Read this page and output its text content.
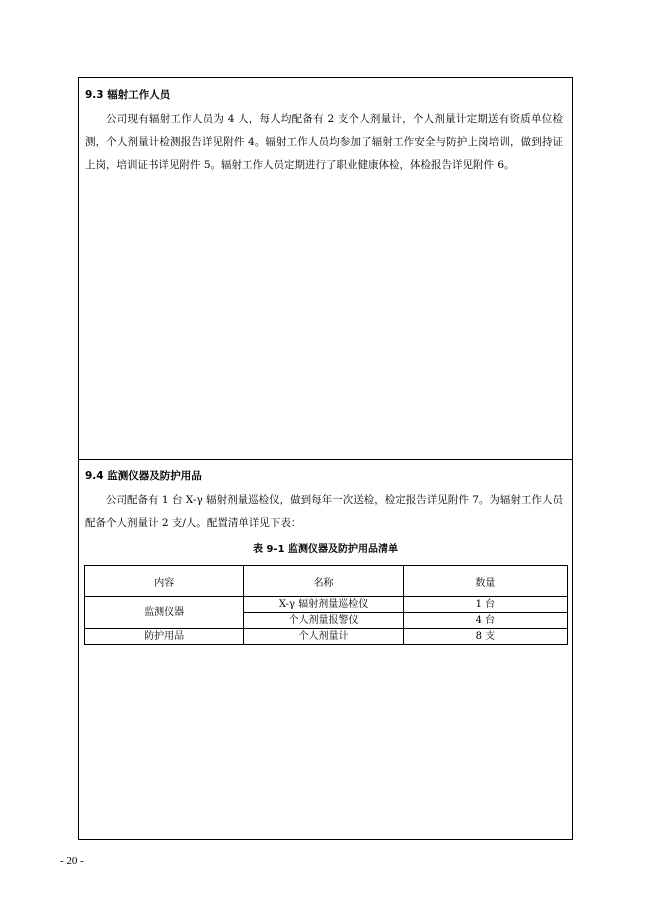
9.3 辐射工作人员

公司现有辐射工作人员为 4 人，每人均配备有 2 支个人剂量计，个人剂量计定期送有资质单位检测，个人剂量计检测报告详见附件 4。辐射工作人员均参加了辐射工作安全与防护上岗培训，做到持证上岗，培训证书详见附件 5。辐射工作人员定期进行了职业健康体检，体检报告详见附件 6。

9.4 监测仪器及防护用品

公司配备有 1 台 X-γ 辐射剂量巡检仪，做到每年一次送检，检定报告详见附件 7。为辐射工作人员配备个人剂量计 2 支/人。配置清单详见下表：

表 9-1 监测仪器及防护用品清单
内容	名称	数量
监测仪器	X-γ 辐射剂量巡检仪	1 台
	个人剂量报警仪	4 台
防护用品	个人剂量计	8 支
- 20 -
